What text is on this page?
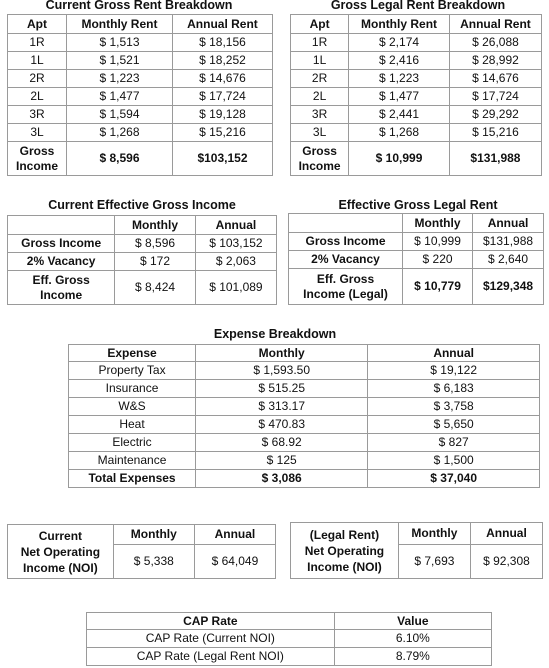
Current Gross Rent Breakdown
Apt	Monthly Rent	Annual Rent
1R	$ 1,513	$ 18,156
1L	$ 1,521	$ 18,252
2R	$ 1,223	$ 14,676
2L	$ 1,477	$ 17,724
3R	$ 1,594	$ 19,128
3L	$ 1,268	$ 15,216

Gross
Income	$ 8,596	$103,152
Gross Legal Rent Breakdown
Apt	Monthly Rent	Annual Rent
1R	$ 2,174	$ 26,088
1L	$ 2,416	$ 28,992
2R	$ 1,223	$ 14,676
2L	$ 1,477	$ 17,724
3R	$ 2,441	$ 29,292
3L	$ 1,268	$ 15,216

Gross
Income	$ 10,999	$131,988
Current Effective Gross Income
	Monthly	Annual
Gross Income	$ 8,596	$ 103,152
2% Vacancy	$ 172	$ 2,063

Eff. Gross
Income	$ 8,424	$ 101,089
Effective Gross Legal Rent
	Monthly	Annual
Gross Income	$ 10,999	$131,988
2% Vacancy	$ 220	$ 2,640

Eff. Gross
Income (Legal)	$ 10,779	$129,348
Expense Breakdown
Expense	Monthly	Annual
Property Tax	$ 1,593.50	$ 19,122
Insurance	$ 515.25	$ 6,183
W&S	$ 313.17	$ 3,758
Heat	$ 470.83	$ 5,650
Electric	$ 68.92	$ 827
Maintenance	$ 125	$ 1,500
Total Expenses	$ 3,086	$ 37,040
Current
Net Operating
Income (NOI)	Monthly	Annual
	$ 5,338	$ 64,049
(Legal Rent)
Net Operating
Income (NOI)	Monthly	Annual
	$ 7,693	$ 92,308
CAP Rate	Value
CAP Rate (Current NOI)	6.10%
CAP Rate (Legal Rent NOI)	8.79%
